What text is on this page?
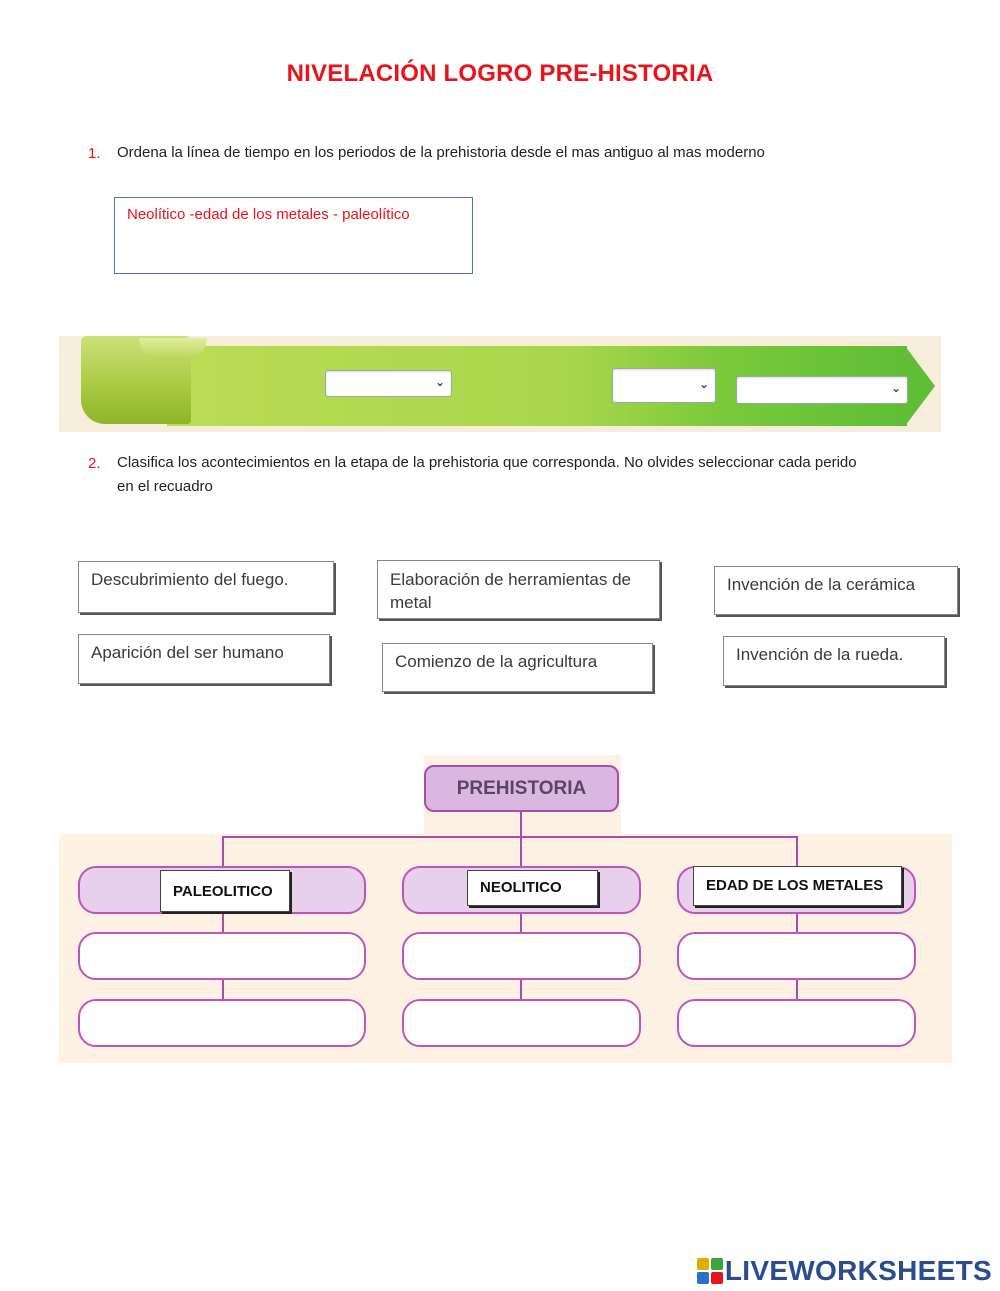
NIVELACIÓN LOGRO PRE-HISTORIA
1. Ordena la línea de tiempo en los periodos de la prehistoria desde el mas antiguo al mas moderno
Neolítico -edad de los metales - paleolítico
⌄	⌄	⌄
2. Clasifica los acontecimientos en la etapa de la prehistoria que corresponda. No olvides seleccionar cada perido
en el recuadro
Descubrimiento del fuego.	Elaboración de herramientas de metal
Invención de la cerámica
Aparición del ser humano	Comienzo de la agricultura	Invención de la rueda.
PREHISTORIA
PALEOLITICO	NEOLITICO	EDAD DE LOS METALES
LIVEWORKSHEETS
